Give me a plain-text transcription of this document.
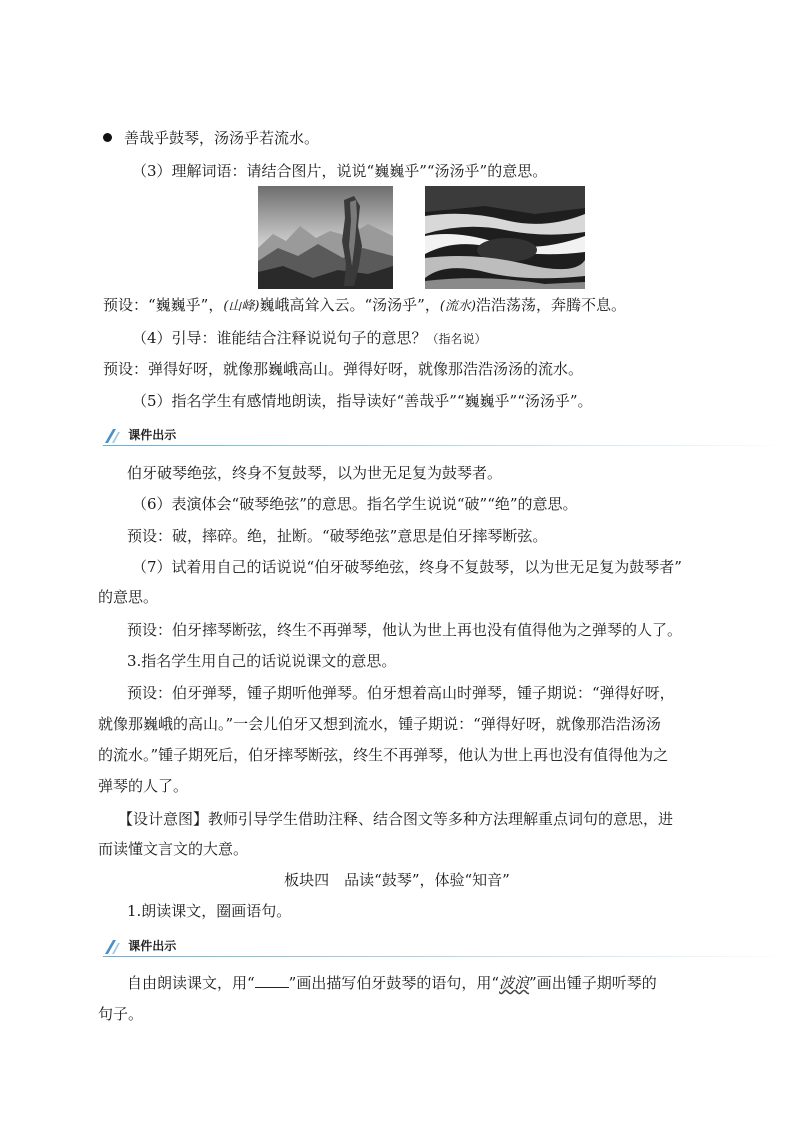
善哉乎鼓琴，汤汤乎若流水。
（3）理解词语：请结合图片，说说“巍巍乎”“汤汤乎”的意思。
预设：“巍巍乎”，(山峰)巍峨高耸入云。“汤汤乎”，(流水)浩浩荡荡，奔腾不息。
（4）引导：谁能结合注释说说句子的意思？（指名说）
预设：弹得好呀，就像那巍峨高山。弹得好呀，就像那浩浩汤汤的流水。
（5）指名学生有感情地朗读，指导读好“善哉乎”“巍巍乎”“汤汤乎”。
课件出示
伯牙破琴绝弦，终身不复鼓琴，以为世无足复为鼓琴者。
（6）表演体会“破琴绝弦”的意思。指名学生说说“破”“绝”的意思。
预设：破，摔碎。绝，扯断。“破琴绝弦”意思是伯牙摔琴断弦。
（7）试着用自己的话说说“伯牙破琴绝弦，终身不复鼓琴，以为世无足复为鼓琴者”
的意思。
预设：伯牙摔琴断弦，终生不再弹琴，他认为世上再也没有值得他为之弹琴的人了。
3.指名学生用自己的话说说课文的意思。
预设：伯牙弹琴，锺子期听他弹琴。伯牙想着高山时弹琴，锺子期说：“弹得好呀，
就像那巍峨的高山。”一会儿伯牙又想到流水，锺子期说：“弹得好呀，就像那浩浩汤汤
的流水。”锺子期死后，伯牙摔琴断弦，终生不再弹琴，他认为世上再也没有值得他为之
弹琴的人了。
【设计意图】教师引导学生借助注释、结合图文等多种方法理解重点词句的意思，进
而读懂文言文的大意。
板块四　品读“鼓琴”，体验“知音”
1.朗读课文，圈画语句。
课件出示
自由朗读课文，用“ ”画出描写伯牙鼓琴的语句，用“波浪”画出锺子期听琴的
句子。
